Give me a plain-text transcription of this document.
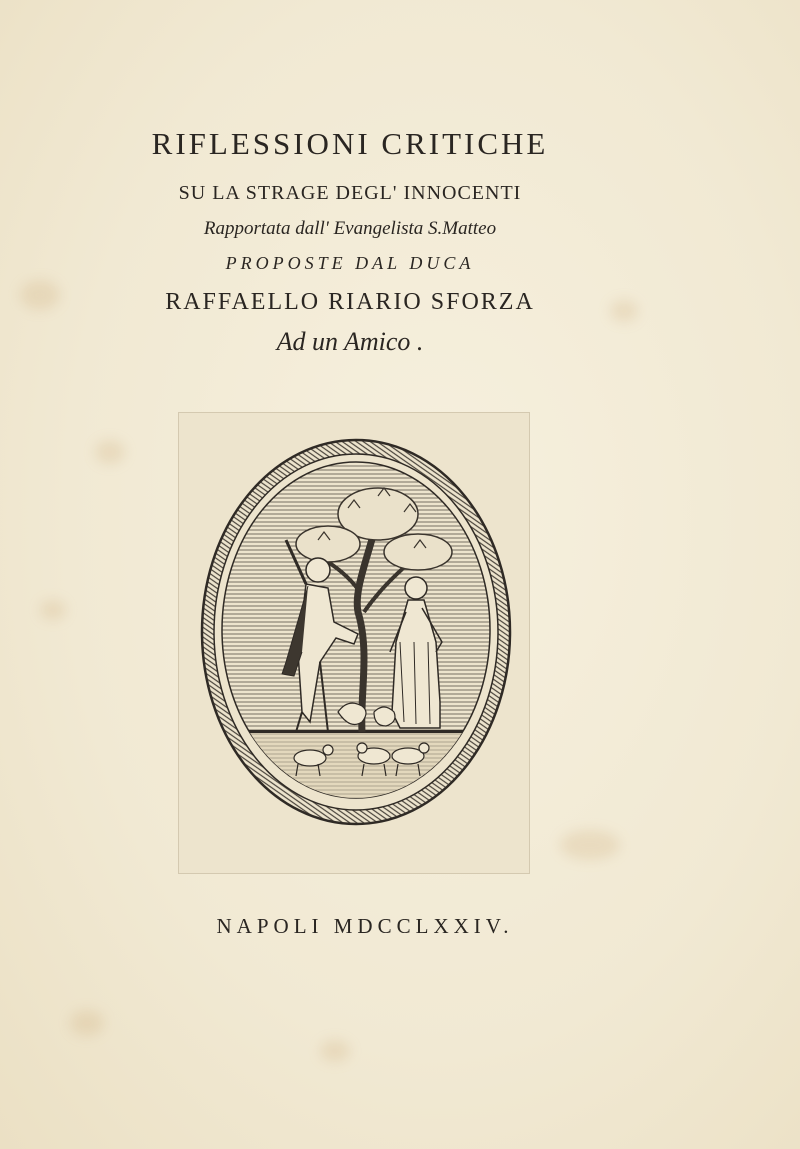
RIFLESSIONI CRITICHE
SU LA STRAGE DEGL' INNOCENTI
Rapportata dall' Evangelista S.Matteo
PROPOSTE DAL DUCA
RAFFAELLO RIARIO SFORZA
Ad un Amico .
NAPOLI MDCCLXXIV.
